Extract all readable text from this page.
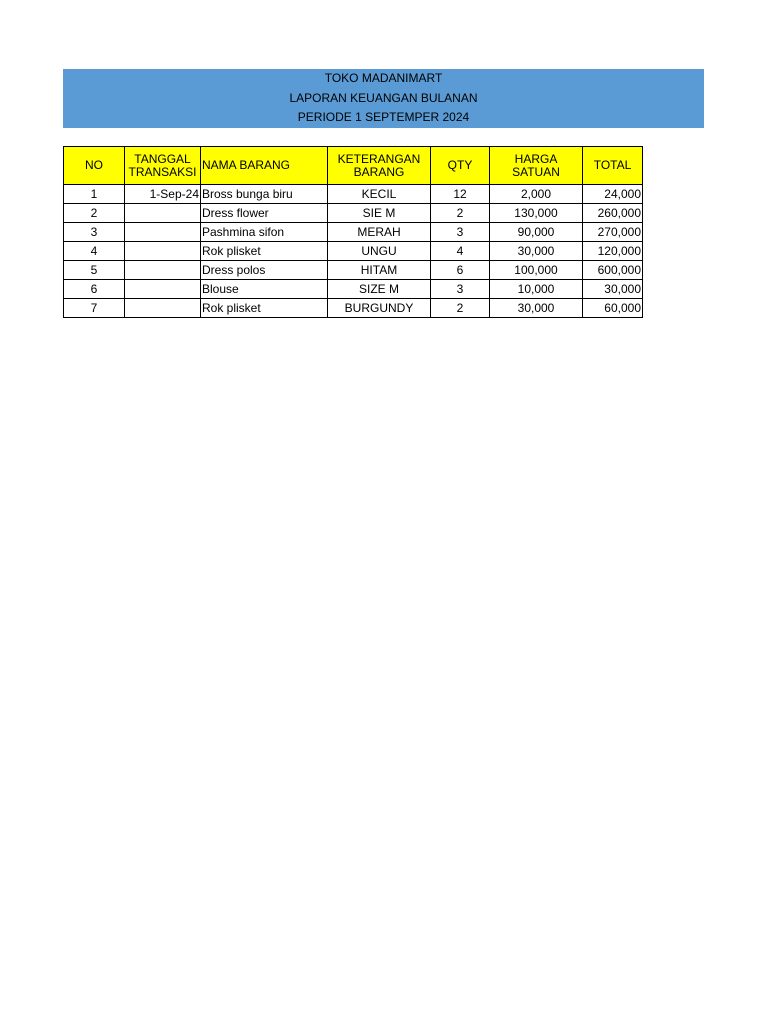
TOKO MADANIMART
LAPORAN KEUANGAN BULANAN
PERIODE 1 SEPTEMPER 2024
NO	TANGGAL TRANSAKSI	NAMA BARANG	KETERANGAN BARANG	QTY	HARGA SATUAN	TOTAL
1	1-Sep-24	Bross bunga biru	KECIL	12	2,000	24,000
2		Dress flower	SIE M	2	130,000	260,000
3		Pashmina sifon	MERAH	3	90,000	270,000
4		Rok plisket	UNGU	4	30,000	120,000
5		Dress polos	HITAM	6	100,000	600,000
6		Blouse	SIZE M	3	10,000	30,000
7		Rok plisket	BURGUNDY	2	30,000	60,000
